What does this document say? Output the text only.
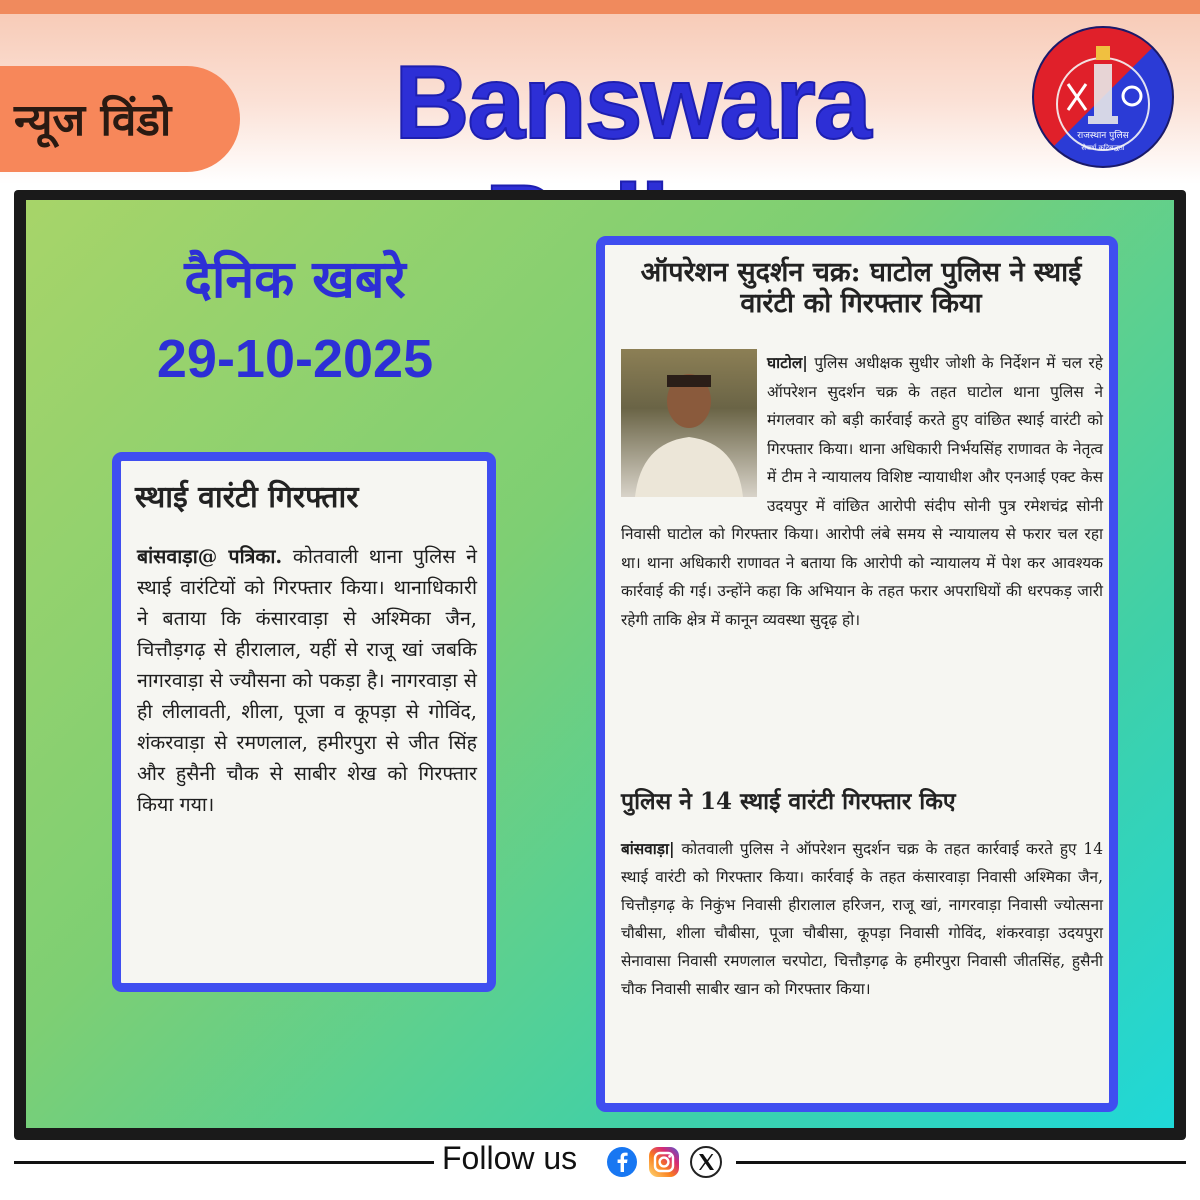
न्यूज विंडो	Banswara	राजस्थान पुलिस
सेवार्थ कटिबद्धता
दैनिक खबरे
29-10-2025
स्थाई वारंटी गिरफ्तार
बांसवाड़ा@ पत्रिका. कोतवाली थाना पुलिस ने स्थाई वारंटियों को गिरफ्तार किया। थानाधिकारी ने बताया कि कंसारवाड़ा से अश्मिका जैन, चित्तौड़गढ़ से हीरालाल, यहीं से राजू खां जबकि नागरवाड़ा से ज्यौसना को पकड़ा है। नागरवाड़ा से ही लीलावती, शीला, पूजा व कूपड़ा से गोविंद, शंकरवाड़ा से रमणलाल, हमीरपुरा से जीत सिंह और हुसैनी चौक से साबीर शेख को गिरफ्तार किया गया।
ऑपरेशन सुदर्शन चक्र: घाटोल पुलिस ने स्थाई वारंटी को गिरफ्तार किया
घाटोल| पुलिस अधीक्षक सुधीर जोशी के निर्देशन में चल रहे ऑपरेशन सुदर्शन चक्र के तहत घाटोल थाना पुलिस ने मंगलवार को बड़ी कार्रवाई करते हुए वांछित स्थाई वारंटी को गिरफ्तार किया। थाना अधिकारी निर्भयसिंह राणावत के नेतृत्व में टीम ने न्यायालय विशिष्ट न्यायाधीश और एनआई एक्ट केस उदयपुर में वांछित आरोपी संदीप सोनी पुत्र रमेशचंद्र सोनी निवासी घाटोल को गिरफ्तार किया। आरोपी लंबे समय से न्यायालय से फरार चल रहा था। थाना अधिकारी राणावत ने बताया कि आरोपी को न्यायालय में पेश कर आवश्यक कार्रवाई की गई। उन्होंने कहा कि अभियान के तहत फरार अपराधियों की धरपकड़ जारी रहेगी ताकि क्षेत्र में कानून व्यवस्था सुदृढ़ हो।
पुलिस ने 14 स्थाई वारंटी गिरफ्तार किए
बांसवाड़ा| कोतवाली पुलिस ने ऑपरेशन सुदर्शन चक्र के तहत कार्रवाई करते हुए 14 स्थाई वारंटी को गिरफ्तार किया। कार्रवाई के तहत कंसारवाड़ा निवासी अश्मिका जैन, चित्तौड़गढ़ के निकुंभ निवासी हीरालाल हरिजन, राजू खां, नागरवाड़ा निवासी ज्योत्सना चौबीसा, शीला चौबीसा, पूजा चौबीसा, कूपड़ा निवासी गोविंद, शंकरवाड़ा उदयपुरा सेनावासा निवासी रमणलाल चरपोटा, चित्तौड़गढ़ के हमीरपुरा निवासी जीतसिंह, हुसैनी चौक निवासी साबीर खान को गिरफ्तार किया।
Follow us
